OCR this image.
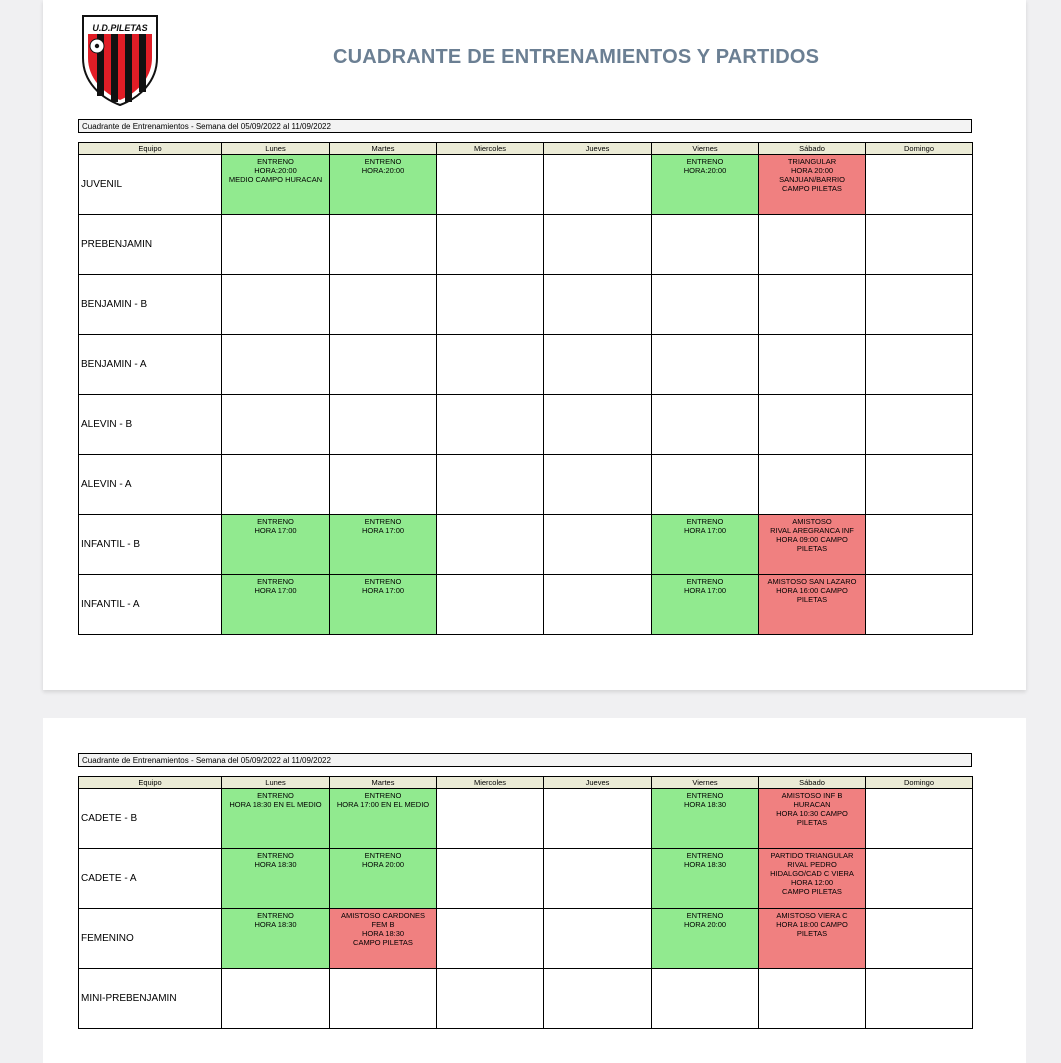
U.D.PILETAS
CUADRANTE DE ENTRENAMIENTOS Y PARTIDOS
Cuadrante de Entrenamientos - Semana del 05/09/2022 al 11/09/2022
Equipo	Lunes	Martes	Miercoles	Jueves	Viernes	Sábado	Domingo
JUVENIL	ENTRENO
HORA:20:00
MEDIO CAMPO HURACAN	ENTRENO
HORA:20:00			ENTRENO
HORA:20:00	TRIANGULAR
HORA 20:00
SANJUAN/BARRIO
CAMPO PILETAS	
PREBENJAMIN							
BENJAMIN - B							
BENJAMIN - A							
ALEVIN - B							
ALEVIN - A							
INFANTIL - B	ENTRENO
HORA 17:00	ENTRENO
HORA 17:00			ENTRENO
HORA 17:00	AMISTOSO
RIVAL AREGRANCA INF
HORA 09:00 CAMPO
PILETAS	
INFANTIL - A	ENTRENO
HORA 17:00	ENTRENO
HORA 17:00			ENTRENO
HORA 17:00	AMISTOSO SAN LAZARO
HORA 16:00 CAMPO
PILETAS	
Cuadrante de Entrenamientos - Semana del 05/09/2022 al 11/09/2022
Equipo	Lunes	Martes	Miercoles	Jueves	Viernes	Sábado	Domingo
CADETE - B	ENTRENO
HORA 18:30 EN EL MEDIO	ENTRENO
HORA 17:00 EN EL MEDIO			ENTRENO
HORA 18:30	AMISTOSO INF B
HURACAN
HORA 10:30 CAMPO
PILETAS	
CADETE - A	ENTRENO
HORA 18:30	ENTRENO
HORA 20:00			ENTRENO
HORA 18:30	PARTIDO TRIANGULAR
RIVAL PEDRO
HIDALGO/CAD C VIERA
HORA 12:00
CAMPO PILETAS	
FEMENINO	ENTRENO
HORA 18:30	AMISTOSO CARDONES
FEM B
HORA 18:30
CAMPO PILETAS			ENTRENO
HORA 20:00	AMISTOSO VIERA C
HORA 18:00 CAMPO
PILETAS	
MINI-PREBENJAMIN							
